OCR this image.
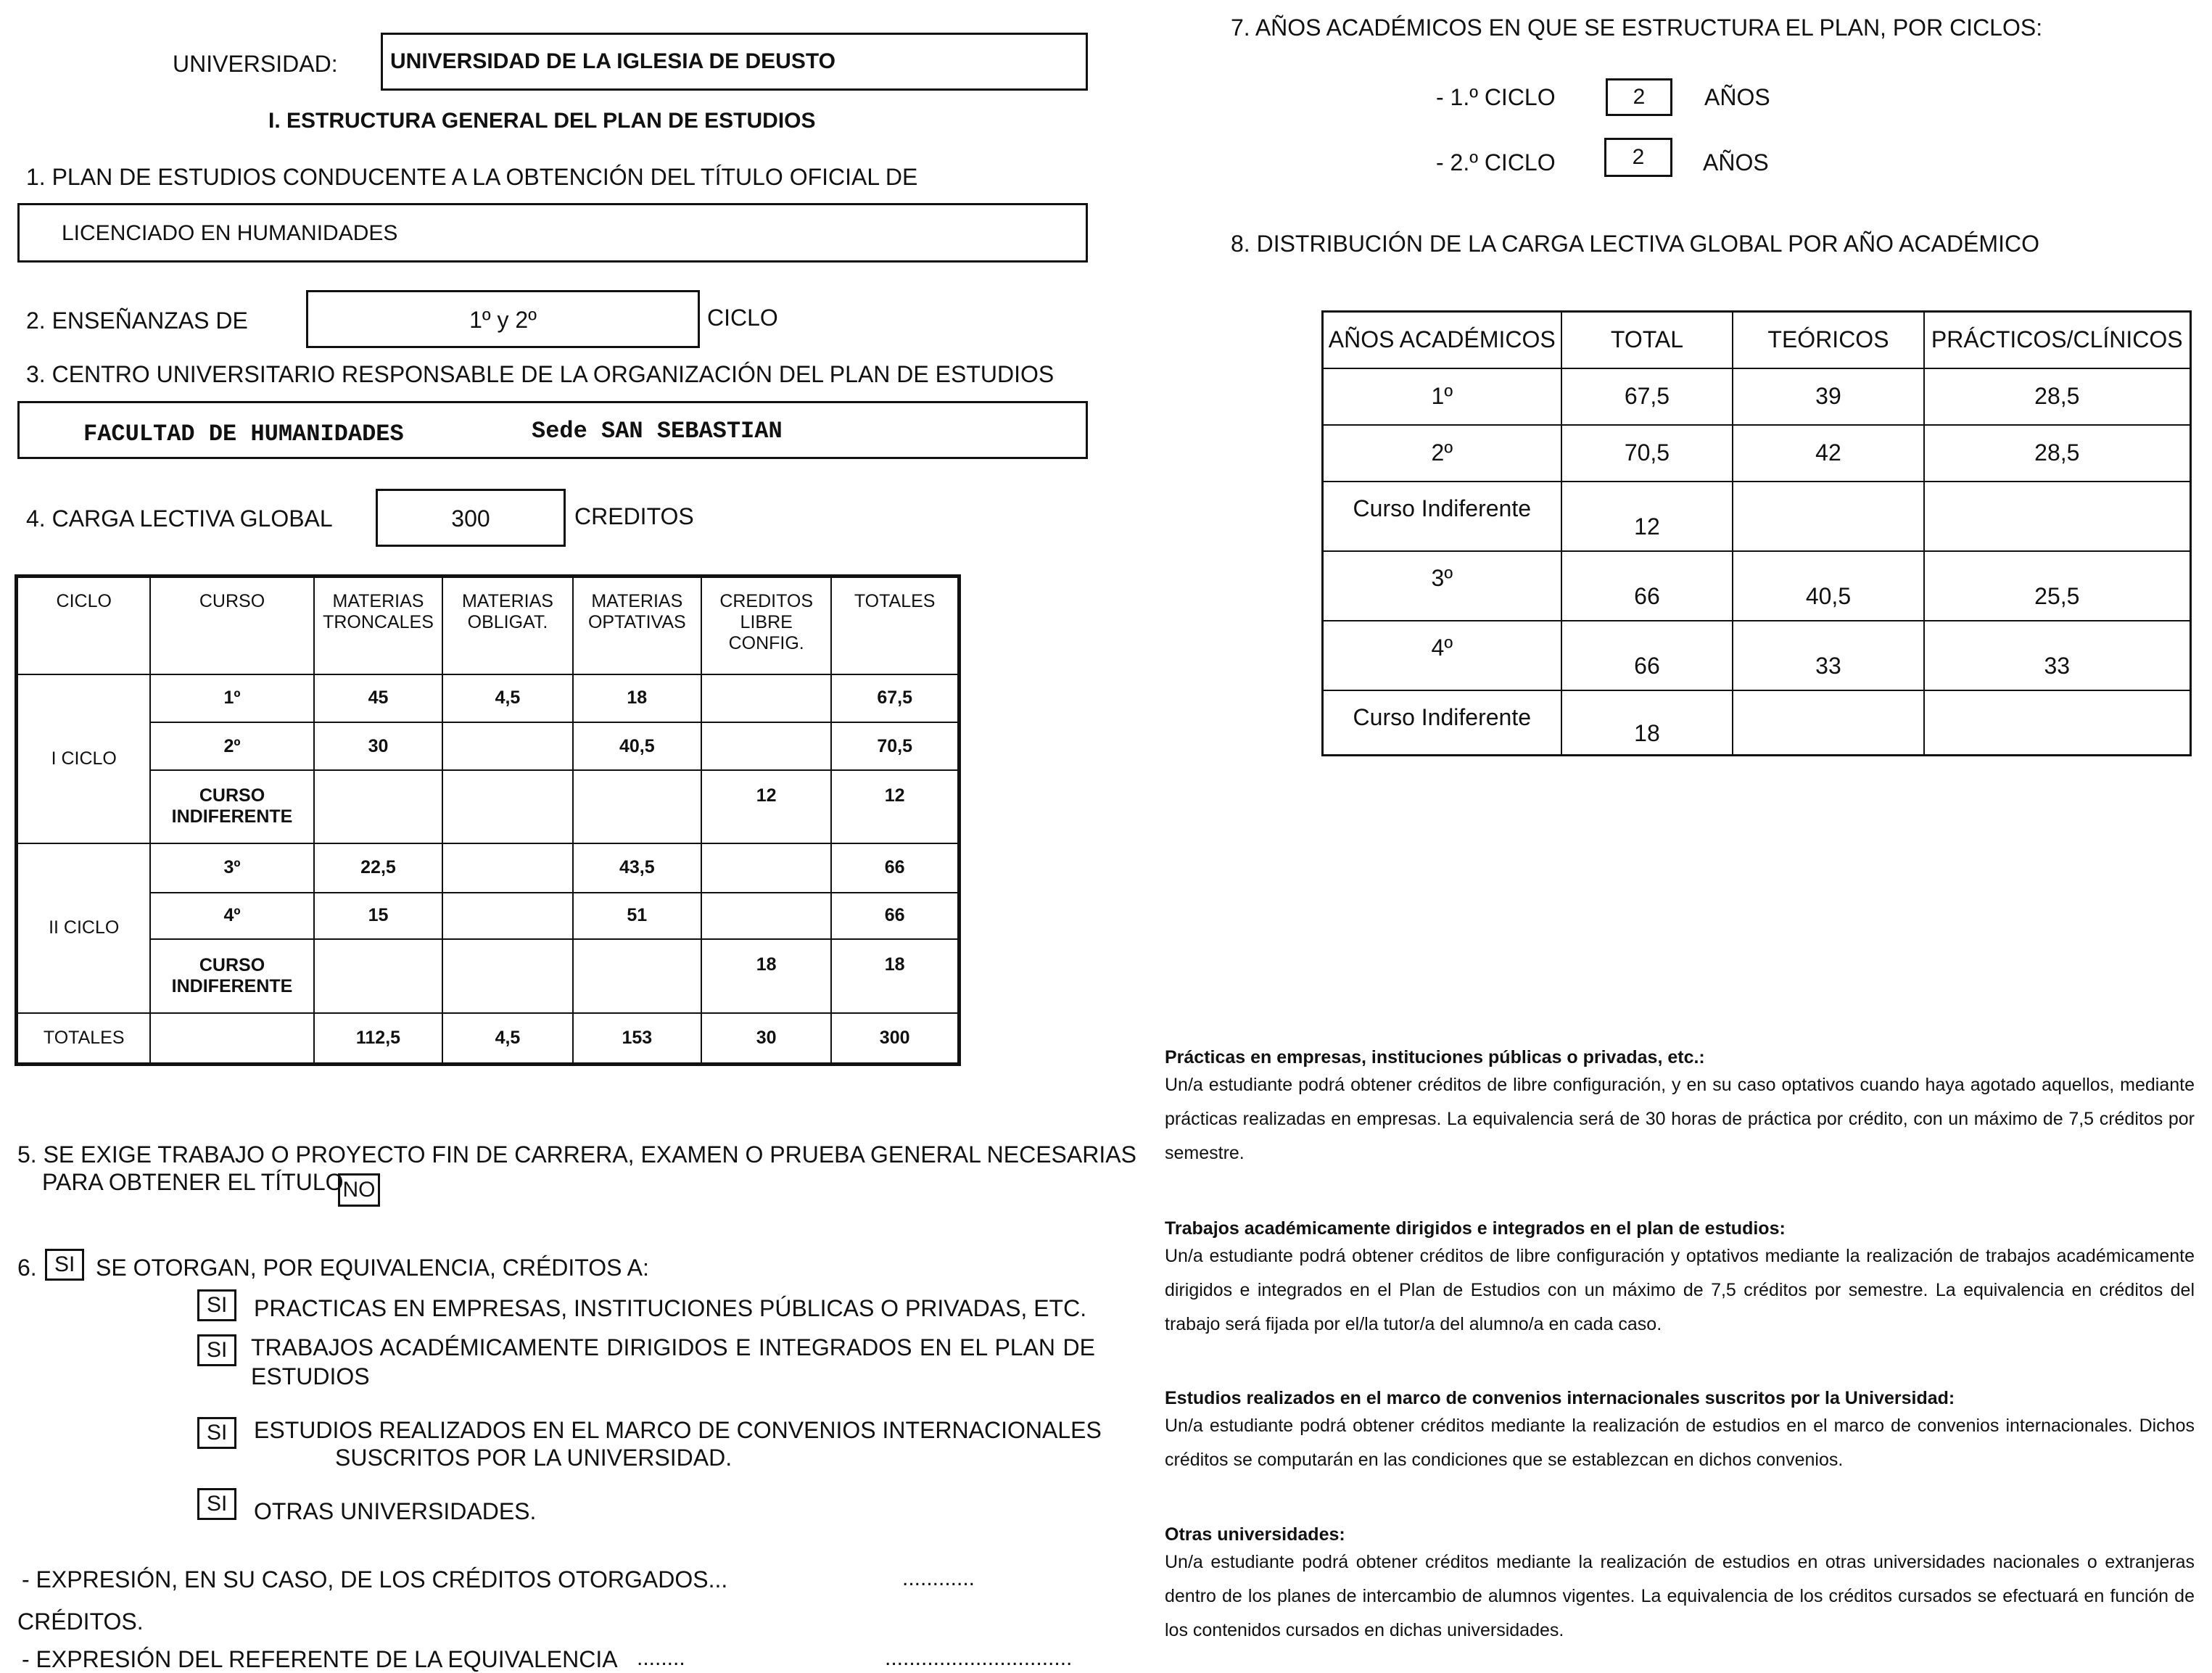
UNIVERSIDAD: UNIVERSIDAD DE LA IGLESIA DE DEUSTO
I. ESTRUCTURA GENERAL DEL PLAN DE ESTUDIOS
1. PLAN DE ESTUDIOS CONDUCENTE A LA OBTENCIÓN DEL TÍTULO OFICIAL DE
LICENCIADO EN HUMANIDADES
2. ENSEÑANZAS DE	1º y 2º	CICLO
3. CENTRO UNIVERSITARIO RESPONSABLE DE LA ORGANIZACIÓN DEL PLAN DE ESTUDIOS
FACULTAD DE HUMANIDADES	Sede SAN SEBASTIAN
4. CARGA LECTIVA GLOBAL	300	CREDITOS
CICLO	CURSO	MATERIAS TRONCALES	MATERIAS OBLIGAT.	MATERIAS OPTATIVAS	CREDITOS LIBRE CONFIG.	TOTALES
I CICLO	1º	45	4,5	18		67,5
	2º	30		40,5		70,5
	CURSO INDIFERENTE				12	12
II CICLO	3º	22,5		43,5		66
	4º	15		51		66
	CURSO INDIFERENTE				18	18
TOTALES		112,5	4,5	153	30	300
5. SE EXIGE TRABAJO O PROYECTO FIN DE CARRERA, EXAMEN O PRUEBA GENERAL NECESARIAS
PARA OBTENER EL TÍTULO
NO
6. SI SE OTORGAN, POR EQUIVALENCIA, CRÉDITOS A:
SI	PRACTICAS EN EMPRESAS, INSTITUCIONES PÚBLICAS O PRIVADAS, ETC.
SI	TRABAJOS ACADÉMICAMENTE DIRIGIDOS E INTEGRADOS EN EL PLAN DE
ESTUDIOS
SI	ESTUDIOS REALIZADOS EN EL MARCO DE CONVENIOS INTERNACIONALES
SUSCRITOS POR LA UNIVERSIDAD.
SI	OTRAS UNIVERSIDADES.
- EXPRESIÓN, EN SU CASO, DE LOS CRÉDITOS OTORGADOS...	............
CRÉDITOS.
- EXPRESIÓN DEL REFERENTE DE LA EQUIVALENCIA ........	...............................
7. AÑOS ACADÉMICOS EN QUE SE ESTRUCTURA EL PLAN, POR CICLOS:
- 1.º CICLO	2	AÑOS
- 2.º CICLO	2	AÑOS
8. DISTRIBUCIÓN DE LA CARGA LECTIVA GLOBAL POR AÑO ACADÉMICO
AÑOS ACADÉMICOS	TOTAL	TEÓRICOS	PRÁCTICOS/CLÍNICOS
1º	67,5	39	28,5
2º	70,5	42	28,5
Curso Indiferente	12		
3º	66	40,5	25,5
4º	66	33	33
Curso Indiferente	18		
Prácticas en empresas, instituciones públicas o privadas, etc.:
Un/a estudiante podrá obtener créditos de libre configuración, y en su caso optativos cuando haya agotado aquellos, mediante prácticas realizadas en empresas. La equivalencia será de 30 horas de práctica por crédito, con un máximo de 7,5 créditos por semestre.
Trabajos académicamente dirigidos e integrados en el plan de estudios:
Un/a estudiante podrá obtener créditos de libre configuración y optativos mediante la realización de trabajos académicamente dirigidos e integrados en el Plan de Estudios con un máximo de 7,5 créditos por semestre. La equivalencia en créditos del trabajo será fijada por el/la tutor/a del alumno/a en cada caso.
Estudios realizados en el marco de convenios internacionales suscritos por la Universidad:
Un/a estudiante podrá obtener créditos mediante la realización de estudios en el marco de convenios internacionales. Dichos créditos se computarán en las condiciones que se establezcan en dichos convenios.
Otras universidades:
Un/a estudiante podrá obtener créditos mediante la realización de estudios en otras universidades nacionales o extranjeras dentro de los planes de intercambio de alumnos vigentes. La equivalencia de los créditos cursados se efectuará en función de los contenidos cursados en dichas universidades.
